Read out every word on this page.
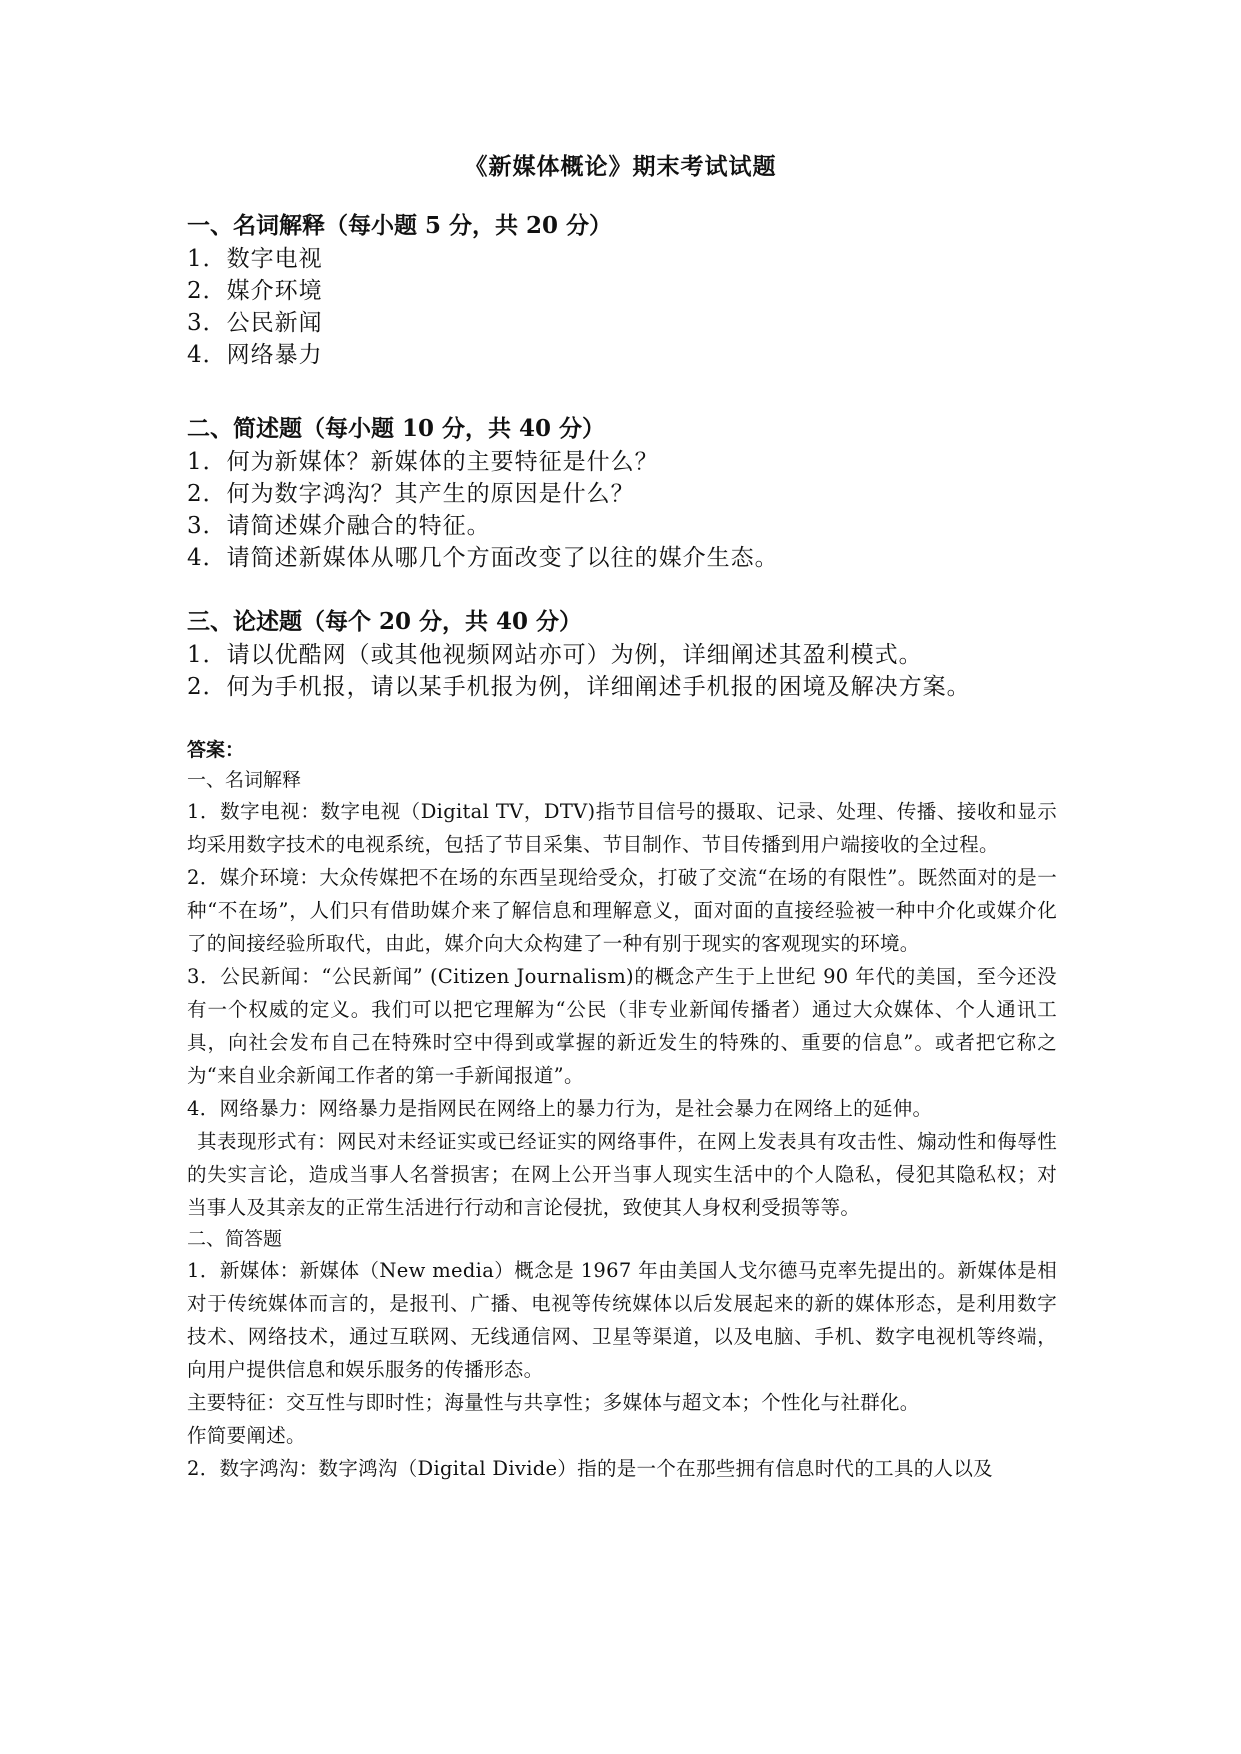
《新媒体概论》期末考试试题

一、名词解释（每小题 5 分，共 20 分）

1．数字电视

2．媒介环境

3．公民新闻

4．网络暴力

二、简述题（每小题 10 分，共 40 分）

1．何为新媒体？新媒体的主要特征是什么？

2．何为数字鸿沟？其产生的原因是什么？

3．请简述媒介融合的特征。

4．请简述新媒体从哪几个方面改变了以往的媒介生态。

三、论述题（每个 20 分，共 40 分）

1．请以优酷网（或其他视频网站亦可）为例，详细阐述其盈利模式。

2．何为手机报，请以某手机报为例，详细阐述手机报的困境及解决方案。

答案：

一、名词解释

1．数字电视：数字电视（Digital TV，DTV)指节目信号的摄取、记录、处理、传播、接收和显示均采用数字技术的电视系统，包括了节目采集、节目制作、节目传播到用户端接收的全过程。

2．媒介环境：大众传媒把不在场的东西呈现给受众，打破了交流“在场的有限性”。既然面对的是一种“不在场”，人们只有借助媒介来了解信息和理解意义，面对面的直接经验被一种中介化或媒介化了的间接经验所取代，由此，媒介向大众构建了一种有别于现实的客观现实的环境。

3．公民新闻：“公民新闻” (Citizen Journalism)的概念产生于上世纪 90 年代的美国，至今还没有一个权威的定义。我们可以把它理解为“公民（非专业新闻传播者）通过大众媒体、个人通讯工具，向社会发布自己在特殊时空中得到或掌握的新近发生的特殊的、重要的信息”。或者把它称之为“来自业余新闻工作者的第一手新闻报道”。

4．网络暴力：网络暴力是指网民在网络上的暴力行为，是社会暴力在网络上的延伸。

其表现形式有：网民对未经证实或已经证实的网络事件，在网上发表具有攻击性、煽动性和侮辱性的失实言论，造成当事人名誉损害；在网上公开当事人现实生活中的个人隐私，侵犯其隐私权；对当事人及其亲友的正常生活进行行动和言论侵扰，致使其人身权利受损等等。

二、简答题

1．新媒体：新媒体（New media）概念是 1967 年由美国人戈尔德马克率先提出的。新媒体是相对于传统媒体而言的，是报刊、广播、电视等传统媒体以后发展起来的新的媒体形态，是利用数字技术、网络技术，通过互联网、无线通信网、卫星等渠道，以及电脑、手机、数字电视机等终端，向用户提供信息和娱乐服务的传播形态。

主要特征：交互性与即时性；海量性与共享性；多媒体与超文本；个性化与社群化。

作简要阐述。

2．数字鸿沟：数字鸿沟（Digital Divide）指的是一个在那些拥有信息时代的工具的人以及
